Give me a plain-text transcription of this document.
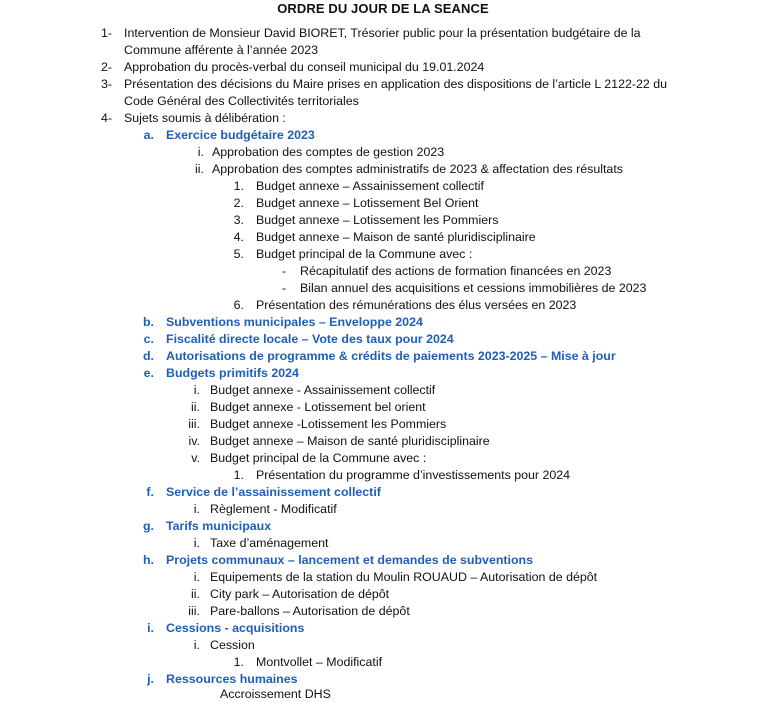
ORDRE DU JOUR DE LA SEANCE
1- Intervention de Monsieur David BIORET, Trésorier public pour la présentation budgétaire de la
Commune afférente à l’année 2023
2- Approbation du procès-verbal du conseil municipal du 19.01.2024
3- Présentation des décisions du Maire prises en application des dispositions de l’article L 2122-22 du
Code Général des Collectivités territoriales
4- Sujets soumis à délibération :
a. Exercice budgétaire 2023
i. Approbation des comptes de gestion 2023
ii. Approbation des comptes administratifs de 2023 & affectation des résultats
1. Budget annexe – Assainissement collectif
2. Budget annexe – Lotissement Bel Orient
3. Budget annexe – Lotissement les Pommiers
4. Budget annexe – Maison de santé pluridisciplinaire
5. Budget principal de la Commune avec :
- Récapitulatif des actions de formation financées en 2023
- Bilan annuel des acquisitions et cessions immobilières de 2023
6. Présentation des rémunérations des élus versées en 2023
b. Subventions municipales – Enveloppe 2024
c. Fiscalité directe locale – Vote des taux pour 2024
d. Autorisations de programme & crédits de paiements 2023-2025 – Mise à jour
e. Budgets primitifs 2024
i. Budget annexe - Assainissement collectif
ii. Budget annexe - Lotissement bel orient
iii. Budget annexe -Lotissement les Pommiers
iv. Budget annexe – Maison de santé pluridisciplinaire
v. Budget principal de la Commune avec :
1. Présentation du programme d’investissements pour 2024
f. Service de l’assainissement collectif
i. Règlement - Modificatif
g. Tarifs municipaux
i. Taxe d’aménagement
h. Projets communaux – lancement et demandes de subventions
i. Equipements de la station du Moulin ROUAUD – Autorisation de dépôt
ii. City park – Autorisation de dépôt
iii. Pare-ballons – Autorisation de dépôt
i. Cessions - acquisitions
i. Cession
1. Montvollet – Modificatif
j. Ressources humaines
Accroissement DHS
